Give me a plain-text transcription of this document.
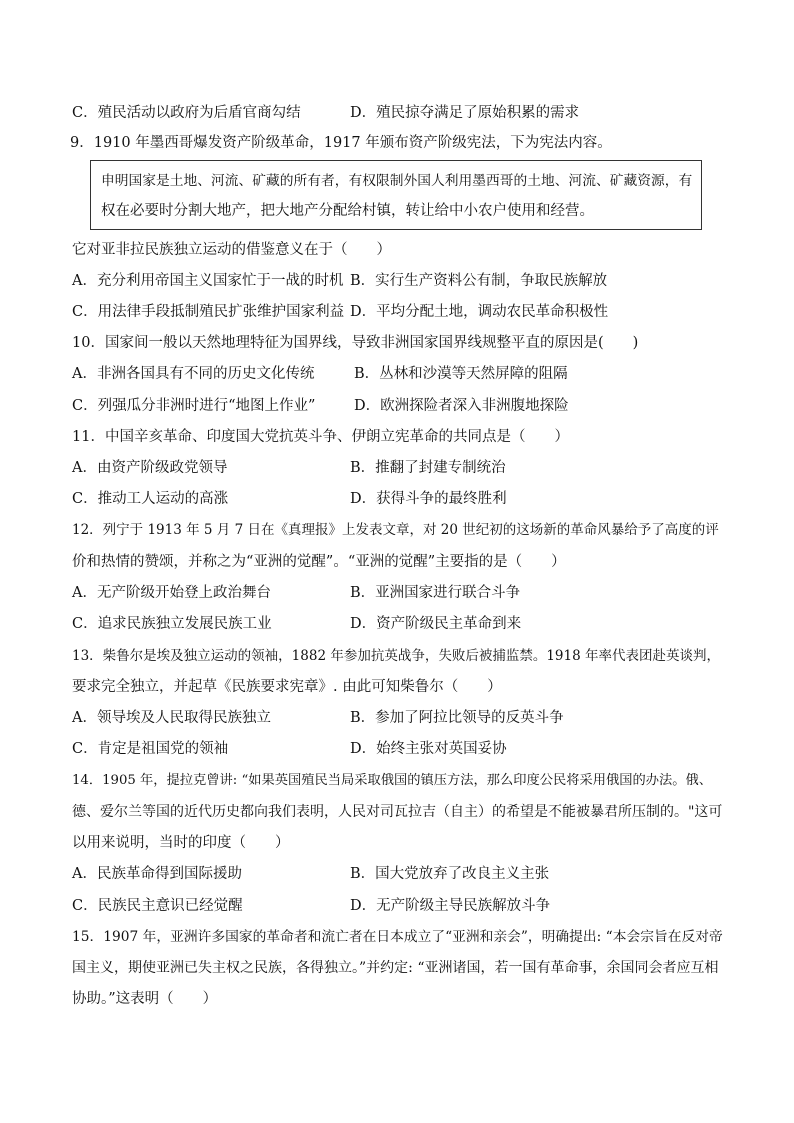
C．殖民活动以政府为后盾官商勾结	D．殖民掠夺满足了原始积累的需求
9．1910 年墨西哥爆发资产阶级革命，1917 年颁布资产阶级宪法，下为宪法内容。
申明国家是土地、河流、矿藏的所有者，有权限制外国人利用墨西哥的土地、河流、矿藏资源，有
权在必要时分割大地产，把大地产分配给村镇，转让给中小农户使用和经营。
它对亚非拉民族独立运动的借鉴意义在于（　　）
A．充分利用帝国主义国家忙于一战的时机 B．实行生产资料公有制，争取民族解放
C．用法律手段抵制殖民扩张维护国家利益 D．平均分配土地，调动农民革命积极性
10．国家间一般以天然地理特征为国界线，导致非洲国家国界线规整平直的原因是(　　)
A．非洲各国具有不同的历史文化传统	B．丛林和沙漠等天然屏障的阻隔
C．列强瓜分非洲时进行“地图上作业”	D．欧洲探险者深入非洲腹地探险
11．中国辛亥革命、印度国大党抗英斗争、伊朗立宪革命的共同点是（　　）
A．由资产阶级政党领导	B．推翻了封建专制统治
C．推动工人运动的高涨	D．获得斗争的最终胜利
12．列宁于 1913 年 5 月 7 日在《真理报》上发表文章，对 20 世纪初的这场新的革命风暴给予了高度的评
价和热情的赞颂，并称之为“亚洲的觉醒”。“亚洲的觉醒”主要指的是（　　）
A．无产阶级开始登上政治舞台	B．亚洲国家进行联合斗争
C．追求民族独立发展民族工业	D．资产阶级民主革命到来
13．柴鲁尔是埃及独立运动的领袖，1882 年参加抗英战争，失败后被捕监禁。1918 年率代表团赴英谈判，
要求完全独立，并起草《民族要求宪章》. 由此可知柴鲁尔（　　）
A．领导埃及人民取得民族独立	B．参加了阿拉比领导的反英斗争
C．肯定是祖国党的领袖	D．始终主张对英国妥协
14．1905 年，提拉克曾讲: “如果英国殖民当局采取俄国的镇压方法，那么印度公民将采用俄国的办法。俄、
德、爱尔兰等国的近代历史都向我们表明，人民对司瓦拉吉（自主）的希望是不能被暴君所压制的。"这可
以用来说明，当时的印度（　　）
A．民族革命得到国际援助	B．国大党放弃了改良主义主张
C．民族民主意识已经觉醒	D．无产阶级主导民族解放斗争
15．1907 年，亚洲许多国家的革命者和流亡者在日本成立了“亚洲和亲会”，明确提出: “本会宗旨在反对帝
国主义，期使亚洲已失主权之民族，各得独立。”并约定: “亚洲诸国，若一国有革命事，余国同会者应互相
协助。”这表明（　　）
